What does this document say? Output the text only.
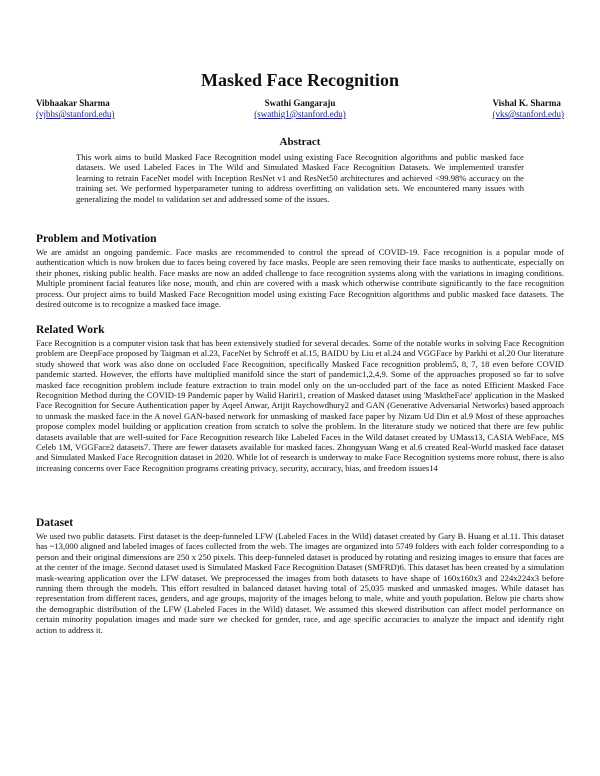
Masked Face Recognition
Vibhaakar Sharma
(vjbhs@stanford.edu)
Swathi Gangaraju
(swathig1@stanford.edu)
Vishal K. Sharma
(vks@stanford.edu)
Abstract
This work aims to build Masked Face Recognition model using existing Face Recognition algorithms and public masked face datasets. We used Labeled Faces in The Wild and Simulated Masked Face Recognition Datasets. We implemented transfer learning to retrain FaceNet model with Inception ResNet v1 and ResNet50 architectures and achieved <99.98% accuracy on the training set. We performed hyperparameter tuning to address overfitting on validation sets. We encountered many issues with generalizing the model to validation set and addressed some of the issues.
Problem and Motivation
We are amidst an ongoing pandemic. Face masks are recommended to control the spread of COVID-19. Face recognition is a popular mode of authentication which is now broken due to faces being covered by face masks. People are seen removing their face masks to authenticate, especially on their phones, risking public health. Face masks are now an added challenge to face recognition systems along with the variations in imaging conditions. Multiple prominent facial features like nose, mouth, and chin are covered with a mask which otherwise contribute significantly to the face recognition process. Our project aims to build Masked Face Recognition model using existing Face Recognition algorithms and public masked face datasets. The desired outcome is to recognize a masked face image.
Related Work
Face Recognition is a computer vision task that has been extensively studied for several decades. Some of the notable works in solving Face Recognition problem are DeepFace proposed by Taigman et al.23, FaceNet by Schroff et al.15, BAIDU by Liu et al.24 and VGGFace by Parkhi et al.20 Our literature study showed that work was also done on occluded Face Recognition, specifically Masked Face recognition problem5, 8, 7, 18 even before COVID pandemic started. However, the efforts have multiplied manifold since the start of pandemic1,2,4,9. Some of the approaches proposed so far to solve masked face recognition problem include feature extraction to train model only on the un-occluded part of the face as noted Efficient Masked Face Recognition Method during the COVID-19 Pandemic paper by Walid Hariri1, creation of Masked dataset using 'MasktheFace' application in the Masked Face Recognition for Secure Authentication paper by Aqeel Anwar, Arijit Raychowdhury2 and GAN (Generative Adversarial Networks) based approach to unmask the masked face in the A novel GAN-based network for unmasking of masked face paper by Nizam Ud Din et al.9 Most of these approaches propose complex model building or application creation from scratch to solve the problem. In the literature study we noticed that there are few public datasets available that are well-suited for Face Recognition research like Labeled Faces in the Wild dataset created by UMass13, CASIA WebFace, MS Celeb 1M, VGGFace2 datasets7. There are fewer datasets available for masked faces. Zhongyuan Wang et al.6 created Real-World masked face dataset and Simulated Masked Face Recognition dataset in 2020. While lot of research is underway to make Face Recognition systems more robust, there is also increasing concerns over Face Recognition programs creating privacy, security, accuracy, bias, and freedom issues14
Dataset
We used two public datasets. First dataset is the deep-funneled LFW (Labeled Faces in the Wild) dataset created by Gary B. Huang et al.11. This dataset has ~13,000 aligned and labeled images of faces collected from the web. The images are organized into 5749 folders with each folder corresponding to a person and their original dimensions are 250 x 250 pixels. This deep-funneled dataset is produced by rotating and resizing images to ensure that faces are at the center of the image. Second dataset used is Simulated Masked Face Recognition Dataset (SMFRD)6. This dataset has been created by a simulation mask-wearing application over the LFW dataset. We preprocessed the images from both datasets to have shape of 160x160x3 and 224x224x3 before running them through the models. This effort resulted in balanced dataset having total of 25,035 masked and unmasked images. While dataset has representation from different races, genders, and age groups, majority of the images belong to male, white and youth population. Below pie charts show the demographic distribution of the LFW (Labeled Faces in the Wild) dataset. We assumed this skewed distribution can affect model performance on certain minority population images and made sure we checked for gender, race, and age specific accuracies to analyze the impact and identify right action to address it.
